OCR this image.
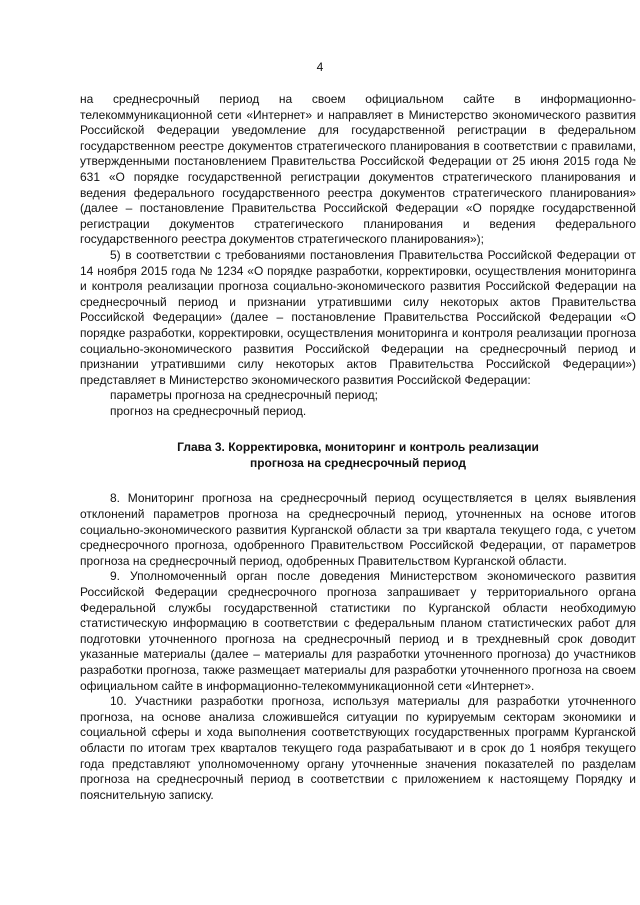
4

на среднесрочный период на своем официальном сайте в информационно-телекоммуникационной сети «Интернет» и направляет в Министерство экономического развития Российской Федерации уведомление для государственной регистрации в федеральном государственном реестре документов стратегического планирования в соответствии с правилами, утвержденными постановлением Правительства Российской Федерации от 25 июня 2015 года № 631 «О порядке государственной регистрации документов стратегического планирования и ведения федерального государственного реестра документов стратегического планирования» (далее – постановление Правительства Российской Федерации «О порядке государственной регистрации документов стратегического планирования и ведения федерального государственного реестра документов стратегического планирования»);

5) в соответствии с требованиями постановления Правительства Российской Федерации от 14 ноября 2015 года № 1234 «О порядке разработки, корректировки, осуществления мониторинга и контроля реализации прогноза социально-экономического развития Российской Федерации на среднесрочный период и признании утратившими силу некоторых актов Правительства Российской Федерации» (далее – постановление Правительства Российской Федерации «О порядке разработки, корректировки, осуществления мониторинга и контроля реализации прогноза социально-экономического развития Российской Федерации на среднесрочный период и признании утратившими силу некоторых актов Правительства Российской Федерации») представляет в Министерство экономического развития Российской Федерации:

параметры прогноза на среднесрочный период;

прогноз на среднесрочный период.

Глава 3. Корректировка, мониторинг и контроль реализации
прогноза на среднесрочный период

8. Мониторинг прогноза на среднесрочный период осуществляется в целях выявления отклонений параметров прогноза на среднесрочный период, уточненных на основе итогов социально-экономического развития Курганской области за три квартала текущего года, с учетом среднесрочного прогноза, одобренного Правительством Российской Федерации, от параметров прогноза на среднесрочный период, одобренных Правительством Курганской области.

9. Уполномоченный орган после доведения Министерством экономического развития Российской Федерации среднесрочного прогноза запрашивает у территориального органа Федеральной службы государственной статистики по Курганской области необходимую статистическую информацию в соответствии с федеральным планом статистических работ для подготовки уточненного прогноза на среднесрочный период и в трехдневный срок доводит указанные материалы (далее – материалы для разработки уточненного прогноза) до участников разработки прогноза, также размещает материалы для разработки уточненного прогноза на своем официальном сайте в информационно-телекоммуникационной сети «Интернет».

10. Участники разработки прогноза, используя материалы для разработки уточненного прогноза, на основе анализа сложившейся ситуации по курируемым секторам экономики и социальной сферы и хода выполнения соответствующих государственных программ Курганской области по итогам трех кварталов текущего года разрабатывают и в срок до 1 ноября текущего года представляют уполномоченному органу уточненные значения показателей по разделам прогноза на среднесрочный период в соответствии с приложением к настоящему Порядку и пояснительную записку.
